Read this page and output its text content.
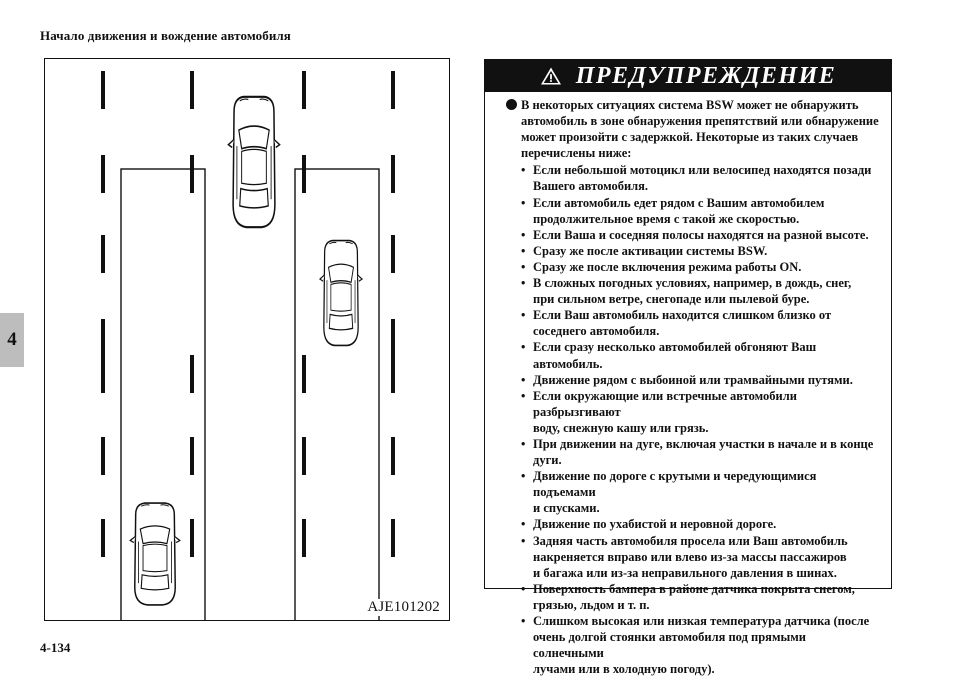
Начало движения и вождение автомобиля
4
AJE101202
ПРЕДУПРЕЖДЕНИЕ
В некоторых ситуациях система BSW может не обнаружить
автомобиль в зоне обнаружения препятствий или обнаружение
может произойти с задержкой. Некоторые из таких случаев
перечислены ниже:
• Если небольшой мотоцикл или велосипед находятся позади
Вашего автомобиля.
• Если автомобиль едет рядом с Вашим автомобилем
продолжительное время с такой же скоростью.
• Если Ваша и соседняя полосы находятся на разной высоте.
• Сразу же после активации системы BSW.
• Сразу же после включения режима работы ON.
• В сложных погодных условиях, например, в дождь, снег,
при сильном ветре, снегопаде или пылевой буре.
• Если Ваш автомобиль находится слишком близко от
соседнего автомобиля.
• Если сразу несколько автомобилей обгоняют Ваш автомобиль.
• Движение рядом с выбоиной или трамвайными путями.
• Если окружающие или встречные автомобили разбрызгивают
воду, снежную кашу или грязь.
• При движении на дуге, включая участки в начале и в конце
дуги.
• Движение по дороге с крутыми и чередующимися подъемами
и спусками.
• Движение по ухабистой и неровной дороге.
• Задняя часть автомобиля просела или Ваш автомобиль
накреняется вправо или влево из-за массы пассажиров
и багажа или из-за неправильного давления в шинах.
• Поверхность бампера в районе датчика покрыта снегом,
грязью, льдом и т. п.
• Слишком высокая или низкая температура датчика (после
очень долгой стоянки автомобиля под прямыми солнечными
лучами или в холодную погоду).
4-134
